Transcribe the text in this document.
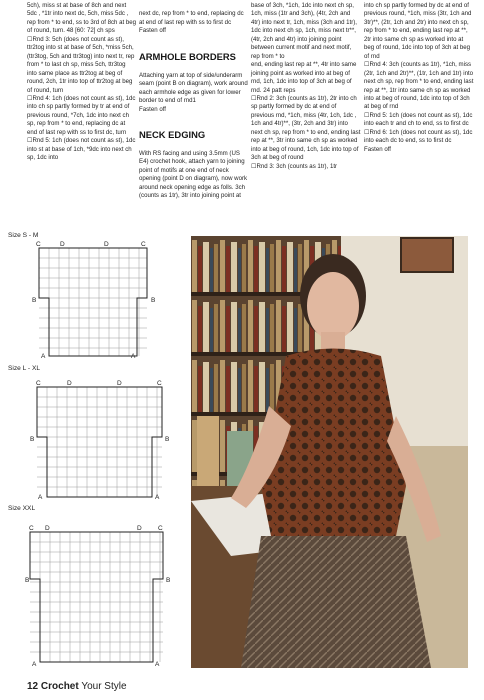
5ch), miss st at base of 8ch and next 5dc , *1tr into next dc, 5ch, miss 5dc , rep from * to end, ss to 3rd of 8ch at beg of round, turn. 48 [60: 72] ch sps
☐Rnd 3: 5ch (does not count as st), ttr2tog into st at base of 5ch, *miss 5ch, (ttr3tog, 5ch and ttr3tog) into next tr, rep from * to last ch sp, miss 5ch, ttr3tog into same place as ttr2tog at beg of round, 2ch, 1tr into top of ttr2tog at beg of round, turn
☐Rnd 4: 1ch (does not count as st), 1dc into ch sp partly formed by tr at end of previous round, *7ch, 1dc into next ch sp, rep from * to end, replacing dc at end of last rep with ss to first dc, turn
☐Rnd 5: 1ch (does not count as st), 1dc into st at base of 1ch, *9dc into next ch sp, 1dc into

next dc, rep from * to end, replacing dc at end of last rep with ss to first dc
Fasten off

ARMHOLE BORDERS

Attaching yarn at top of side/underarm seam (point B on diagram), work around each armhole edge as given for lower border to end of rnd1
Fasten off

NECK EDGING

With RS facing and using 3.5mm (US E4) crochet hook, attach yarn to joining point of motifs at one end of neck opening (point D on diagram), now work around neck opening edge as folls. 3ch (counts as 1tr), 3tr into joining point at

base of 3ch, *1ch, 1dc into next ch sp, 1ch, miss (1tr and 3ch), (4tr, 2ch and 4tr) into next tr, 1ch, miss (3ch and 1tr), 1dc into next ch sp, 1ch, miss next tr**, (4tr, 2ch and 4tr) into joining point between current motif and next motif, rep from * to
end, ending last rep at **, 4tr into same joining point as worked into at beg of rnd, 1ch, 1dc into top of 3ch at beg of rnd. 24 patt reps
☐Rnd 2: 3ch (counts as 1tr), 2tr into ch sp partly formed by dc at end of previous rnd, *1ch, miss (4tr, 1ch, 1dc , 1ch and 4tr)**, (3tr, 2ch and 3tr) into next ch sp, rep from * to end, ending last rep at **, 3tr into same ch sp as worked into at beg of round, 1ch, 1dc into top of 3ch at beg of round
☐Rnd 3: 3ch (counts as 1tr), 1tr
into ch sp partly formed by dc at end of previous round, *1ch, miss (3tr, 1ch and 3tr)**, (2tr, 1ch and 2tr) into next ch sp, rep from * to end, ending last rep at **, 2tr into same ch sp as worked into at beg of round, 1dc into top of 3ch at beg of rnd
☐Rnd 4: 3ch (counts as 1tr), *1ch, miss (2tr, 1ch and 2tr)**, (1tr, 1ch and 1tr) into next ch sp, rep from * to end, ending last rep at **, 1tr into same ch sp as worked into at beg of round, 1dc into top of 3ch at beg of rnd
☐Rnd 5: 1ch (does not count as st), 1dc into each tr and ch to end, ss to first dc
☐Rnd 6: 1ch (does not count as st), 1dc into each dc to end, ss to first dc
Fasten off
Size S - M
C	D	D	C
B	B
A	A
Size L - XL
C	D	D	C
B	B
A	A
Size XXL
C D	D	C
B	B
A	A
12 Crochet Your Style
